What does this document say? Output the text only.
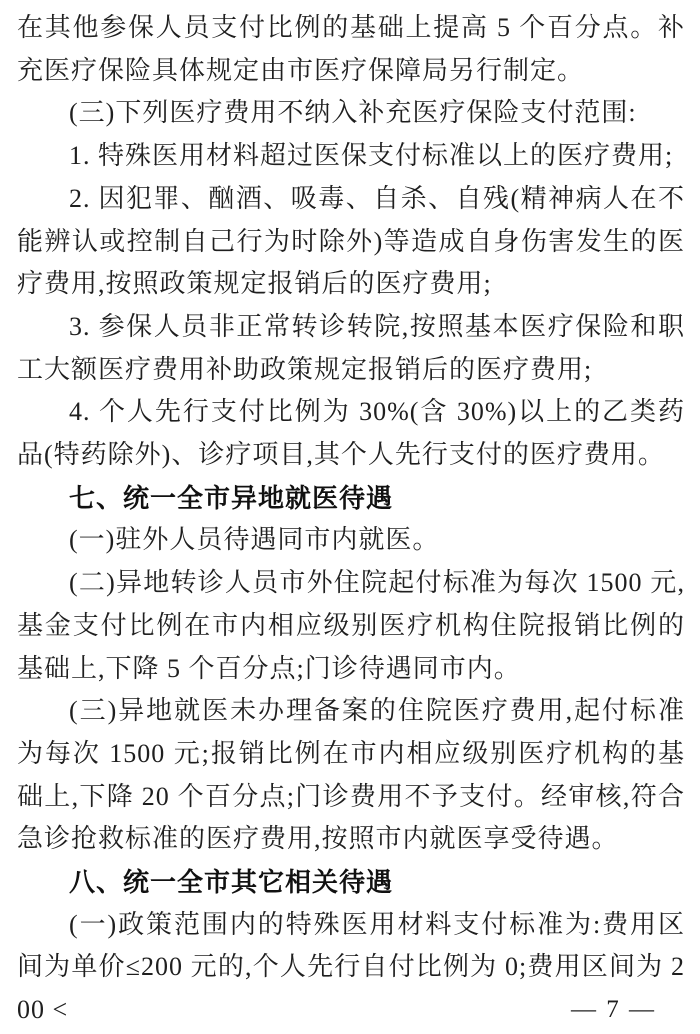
在其他参保人员支付比例的基础上提高 5 个百分点。补充医疗保险具体规定由市医疗保障局另行制定。

(三)下列医疗费用不纳入补充医疗保险支付范围:

1. 特殊医用材料超过医保支付标准以上的医疗费用;

2. 因犯罪、酗酒、吸毒、自杀、自残(精神病人在不能辨认或控制自己行为时除外)等造成自身伤害发生的医疗费用,按照政策规定报销后的医疗费用;

3. 参保人员非正常转诊转院,按照基本医疗保险和职工大额医疗费用补助政策规定报销后的医疗费用;

4. 个人先行支付比例为 30%(含 30%)以上的乙类药品(特药除外)、诊疗项目,其个人先行支付的医疗费用。

七、统一全市异地就医待遇

(一)驻外人员待遇同市内就医。

(二)异地转诊人员市外住院起付标准为每次 1500 元,基金支付比例在市内相应级别医疗机构住院报销比例的基础上,下降 5 个百分点;门诊待遇同市内。

(三)异地就医未办理备案的住院医疗费用,起付标准为每次 1500 元;报销比例在市内相应级别医疗机构的基础上,下降 20 个百分点;门诊费用不予支付。经审核,符合急诊抢救标准的医疗费用,按照市内就医享受待遇。

八、统一全市其它相关待遇

(一)政策范围内的特殊医用材料支付标准为:费用区间为单价≤200 元的,个人先行自付比例为 0;费用区间为 200 <	— 7 —
